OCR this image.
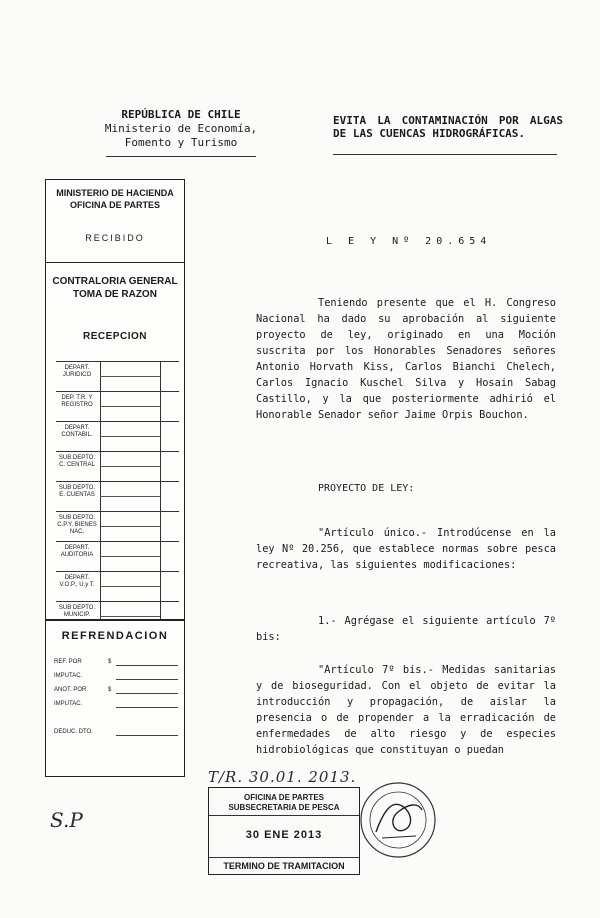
REPÚBLICA DE CHILE
Ministerio de Economía,
Fomento y Turismo
EVITA LA CONTAMINACIÓN POR ALGAS DE LAS CUENCAS HIDROGRÁFICAS.
MINISTERIO DE HACIENDA
OFICINA DE PARTES
RECIBIDO
CONTRALORIA GENERAL
TOMA DE RAZON
RECEPCION
DEPART. JURIDICO
DEP. T.R. Y REGISTRO
DEPART. CONTABIL.
SUB DEPTO. C. CENTRAL
SUB DEPTO. E. CUENTAS
SUB DEPTO. C.P.Y. BIENES NAC.
DEPART. AUDITORIA
DEPART. V.O.P., U.y T.
SUB DEPTO. MUNICIP.
REFRENDACION
REF. POR	$
IMPUTAC.
ANOT. POR	$
IMPUTAC.
DEDUC. DTO.
L E Y Nº 20.654
Teniendo presente que el H. Congreso Nacional ha dado su aprobación al siguiente proyecto de ley, originado en una Moción suscrita por los Honorables Senadores señores Antonio Horvath Kiss, Carlos Bianchi Chelech, Carlos Ignacio Kuschel Silva y Hosain Sabag Castillo, y la que posteriormente adhirió el Honorable Senador señor Jaime Orpis Bouchon.
PROYECTO DE LEY:
"Artículo único.- Introdúcense en la ley Nº 20.256, que establece normas sobre pesca recreativa, las siguientes modificaciones:
1.- Agrégase el siguiente artículo 7º bis:
"Artículo 7º bis.- Medidas sanitarias y de bioseguridad. Con el objeto de evitar la introducción y propagación, de aislar la presencia o de propender a la erradicación de enfermedades de alto riesgo y de especies hidrobiológicas que constituyan o puedan
T/R. 30.01. 2013.
S.P
OFICINA DE PARTES
SUBSECRETARIA DE PESCA
30 ENE 2013
TERMINO DE TRAMITACION
